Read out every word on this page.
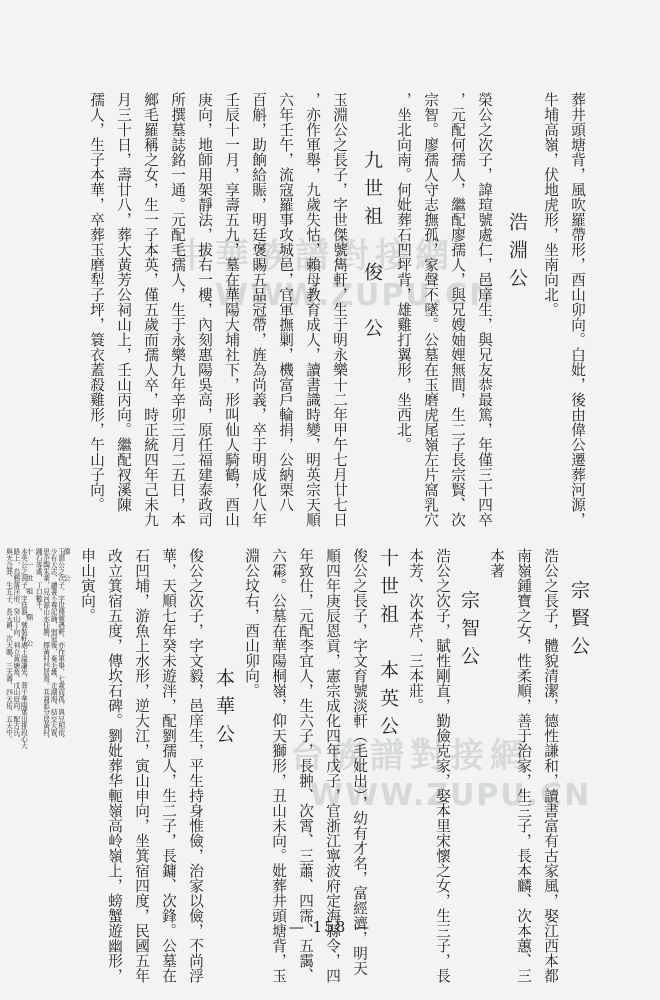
中華族譜對接網
WWW.ZUPU.CN
台族譜對接網
WWW.ZUPU.CN
— 158 —
葬井頭塘背，風吹羅帶形，酉山卯向。白妣，後由偉公遷葬河源，
牛埔高嶺，伏地虎形，坐南向北。
浩淵公
榮公之次子，諱瑄號處仁，邑庠生，與兄友恭最篤，年僅三十四卒
，元配何孺人，繼配廖孺人，與兄嫂妯娌無間，生二子長宗賢、次
宗智。廖孺人守志撫孤，家聲不墜。公墓在玉磨虎尾嶺左片窩乳穴
，坐北向南。何妣葬石凹坪背，雄雞打翼形，坐西北。
九世祖　俊　公
玉淵公之長子，字世傑號雋軒，生于明永樂十二年甲午七月廿七日
，亦作軍舉，九歲失怙，賴母教育成人，讀書識時變，明英宗天順
六年壬午，流寇羅事攻城邑，官軍撫剿，機富戶輪捐，公納栗八
百斛，助餉給賑，明廷褒賜五品冠帶，旌為尚義，卒于明成化八年
壬辰十一月，享壽五九，墓在華陽大埔社下，形叫仙人騎鶴，酉山
庚向，地師用架靜法，拔右一樓，內刻惠陽吳高，原任福建泰政司
所撰墓誌銘一通。元配毛孺人，生于永樂九年辛卯三月二五日，本
鄉毛羅稱之女，生一子本英，僅五歲而孺人卒，時正統四年己未九
月三十日，壽廿八，葬大黃芳公祠山上，壬山丙向。繼配衩溪陳
孺人，生子本華，卒葬玉磨犁子坪，簑衣蓋殺雞形，午山子向。
宗賢公
浩公之長子，體貌清潔，德性謙和，讀書富有古家風，娶江西本都
南嶺鍾寶之女，性柔順，善于治家，生三子，長本麟、次本蕙、三
本著
宗智公
浩公之次子，賦性剛直，勤儉克家，娶本里宋懷之女，生三子，長
本芳、次本芹、三本莊。
十世祖　本英公
俊公之長子，字文育號淡軒（毛妣出），幼有才名，富經濟，明天
順四年庚辰恩貢，憲宗成化四年戊子，官浙江寧波府定海縣令，四
年致仕，元配李宜人，生六子，長翀、次霄、三蕭、四霈、五靄、
六霦。公墓在華陽桐嶺，仰天獅形，丑山未向。妣葬井頭塘背，玉
淵公坟右，酉山卯向。
本華公
俊公之次子，字文毅，邑庠生，平生持身惟儉，治家以儉，不尚浮
華，天順七年癸未遊泮，配劉孺人，生二子，長鏞、次鋒。公墓在
石凹埔，游魚上水形，逆大江，寅山申向，坐箕宿四度，民國五年
改立箕宿五度，傳坎石碑。劉妣葬华軛嶺高岭嶺上，螃蟹遊幽形，
申山寅向。
偉　公
玉淵公之次子，字世傳號遇軒，亦作軍舉，七歲而孤，與兄相依，
少有大志，讀書不尊記誦，弱冠後，棄毛錐，走湖海，結交大賈，
思企陶朱業，見河源山水佳勝，擇黃村凹居焉。其裔派分居黃村、
踵石等處，丁口數千。
十一世祖　鼎　公
本英公之長子，字廷器，號裝軒處士謚謙光，葬于華陽葉田排段心大
路上，烏鴉落洋形，癸山丁向，祠立黃塘角，戊山辰向。配古氏，
與夫合葬，生五子，長天爵、次天賜、三天壽、四天佑、五天中。
